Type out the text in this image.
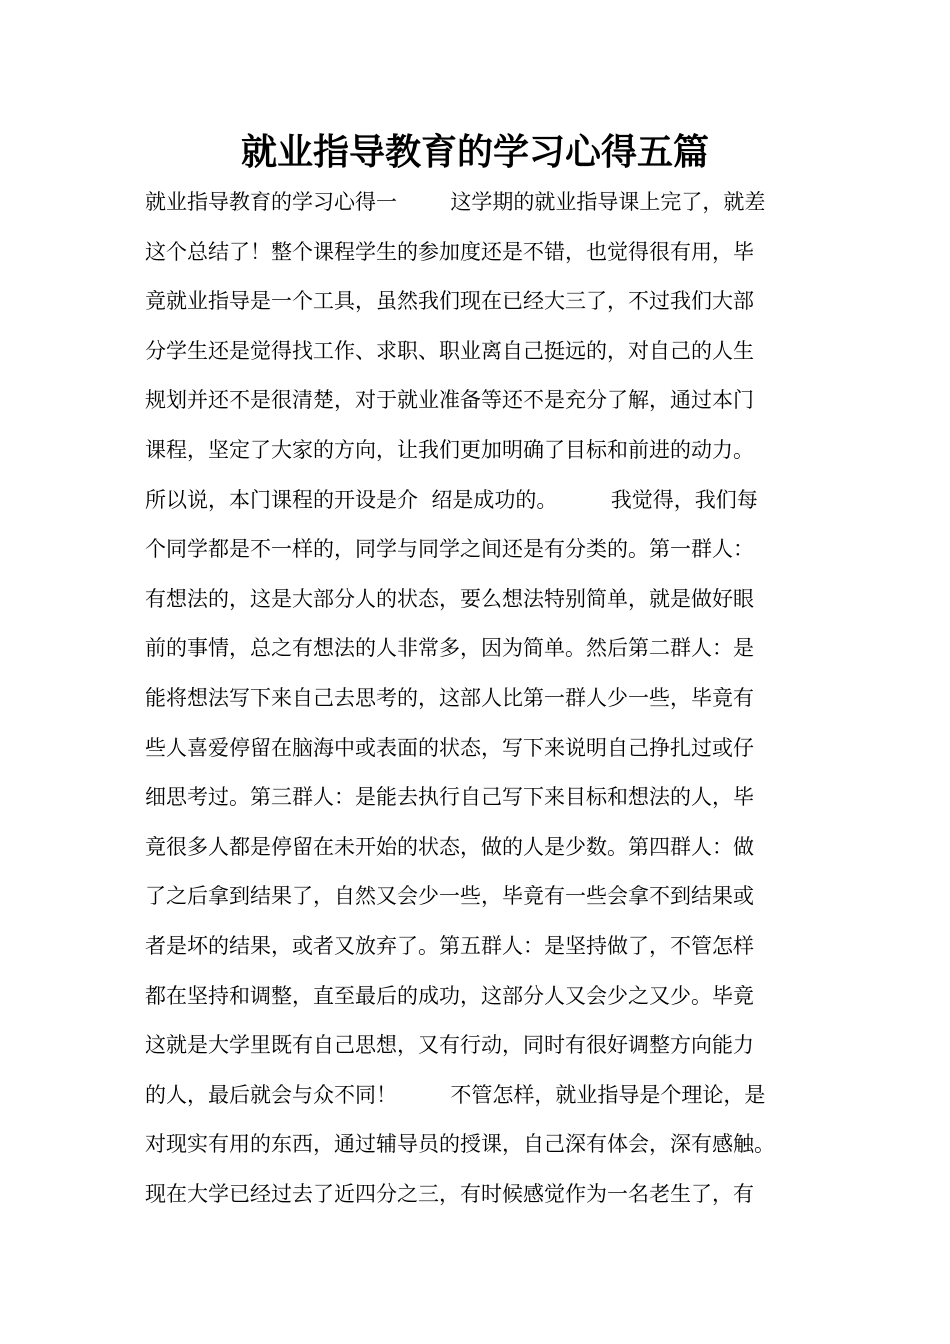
就业指导教育的学习心得五篇
就业指导教育的学习心得一        这学期的就业指导课上完了，就差
这个总结了！整个课程学生的参加度还是不错，也觉得很有用，毕
竟就业指导是一个工具，虽然我们现在已经大三了，不过我们大部
分学生还是觉得找工作、求职、职业离自己挺远的，对自己的人生
规划并还不是很清楚，对于就业准备等还不是充分了解，通过本门
课程，坚定了大家的方向，让我们更加明确了目标和前进的动力。
所以说，本门课程的开设是介  绍是成功的。        我觉得，我们每
个同学都是不一样的，同学与同学之间还是有分类的。第一群人：
有想法的，这是大部分人的状态，要么想法特别简单，就是做好眼
前的事情，总之有想法的人非常多，因为简单。然后第二群人：是
能将想法写下来自己去思考的，这部人比第一群人少一些，毕竟有
些人喜爱停留在脑海中或表面的状态，写下来说明自己挣扎过或仔
细思考过。第三群人：是能去执行自己写下来目标和想法的人，毕
竟很多人都是停留在未开始的状态，做的人是少数。第四群人：做
了之后拿到结果了，自然又会少一些，毕竟有一些会拿不到结果或
者是坏的结果，或者又放弃了。第五群人：是坚持做了，不管怎样
都在坚持和调整，直至最后的成功，这部分人又会少之又少。毕竟
这就是大学里既有自己思想，又有行动，同时有很好调整方向能力
的人，最后就会与众不同！        不管怎样，就业指导是个理论，是
对现实有用的东西，通过辅导员的授课，自己深有体会，深有感触。
现在大学已经过去了近四分之三，有时候感觉作为一名老生了，有
